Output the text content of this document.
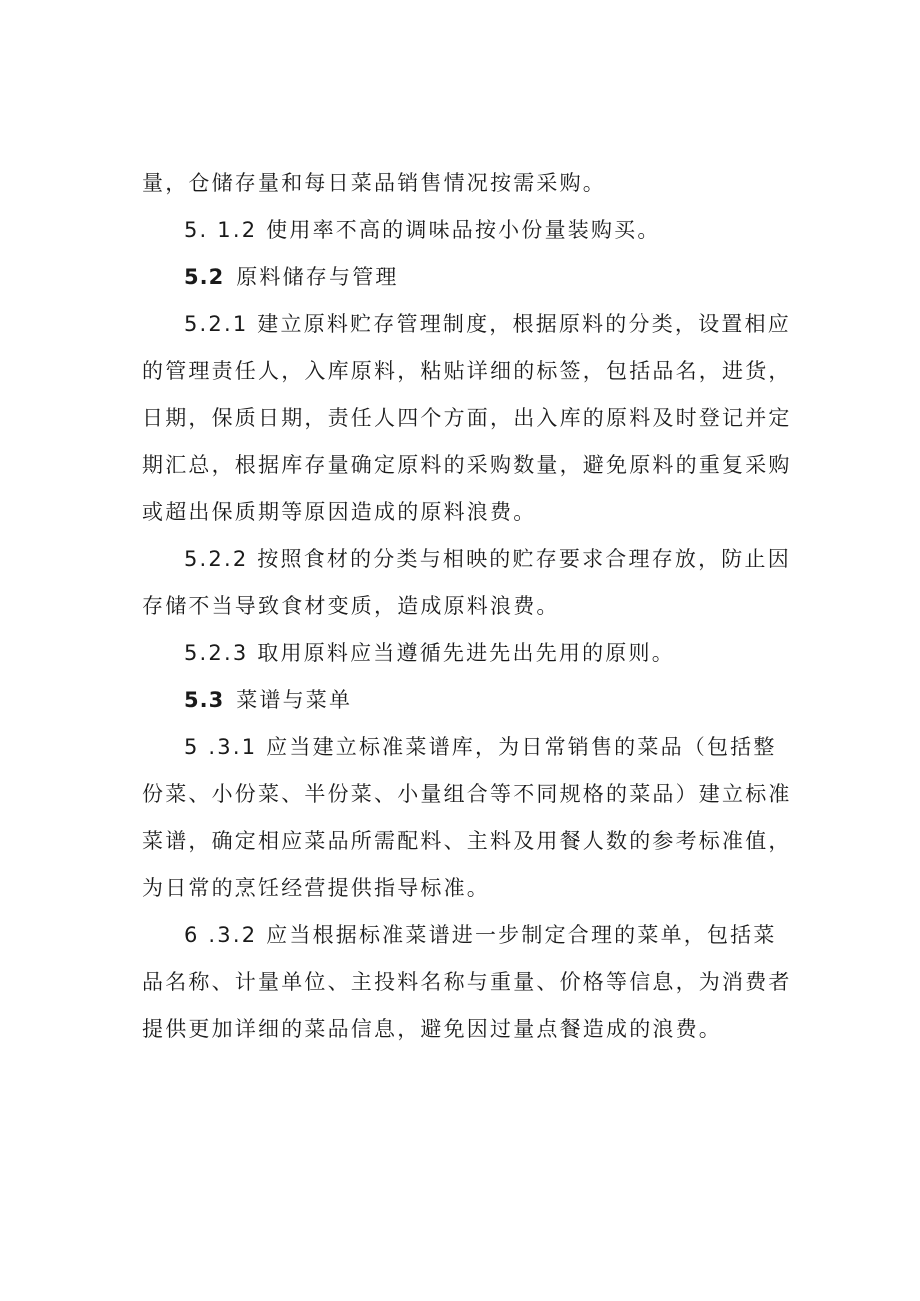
量，仓储存量和每日菜品销售情况按需采购。
5. 1.2 使用率不高的调味品按小份量装购买。
5.2 原料储存与管理
5.2.1 建立原料贮存管理制度，根据原料的分类，设置相应
的管理责任人，入库原料，粘贴详细的标签，包括品名，进货，
日期，保质日期，责任人四个方面，出入库的原料及时登记并定
期汇总，根据库存量确定原料的采购数量，避免原料的重复采购
或超出保质期等原因造成的原料浪费。
5.2.2 按照食材的分类与相映的贮存要求合理存放，防止因
存储不当导致食材变质，造成原料浪费。
5.2.3 取用原料应当遵循先进先出先用的原则。
5.3 菜谱与菜单
5 .3.1 应当建立标准菜谱库，为日常销售的菜品（包括整
份菜、小份菜、半份菜、小量组合等不同规格的菜品）建立标准
菜谱，确定相应菜品所需配料、主料及用餐人数的参考标准值，
为日常的烹饪经营提供指导标准。
6 .3.2 应当根据标准菜谱进一步制定合理的菜单，包括菜
品名称、计量单位、主投料名称与重量、价格等信息，为消费者
提供更加详细的菜品信息，避免因过量点餐造成的浪费。
